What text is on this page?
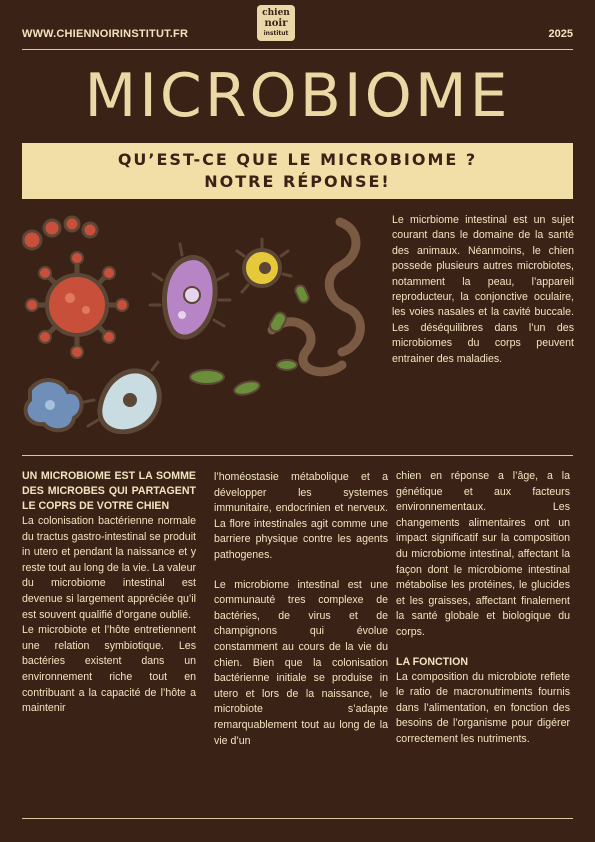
WWW.CHIENNOIRINSTITUT.FR	2025
chien
noir
institut
MICROBIOME
QU’EST-CE QUE LE MICROBIOME ?
NOTRE RÉPONSE!
Le micrbiome intestinal est un sujet courant dans le domaine de la santé des animaux. Néanmoins, le chien possede plusieurs autres microbiotes, notamment la peau, l’appareil reproducteur, la conjonctive oculaire, les voies nasales et la cavité buccale. Les déséquilibres dans l’un des microbiomes du corps peuvent entrainer des maladies.

UN MICROBIOME EST LA SOMME DES MICROBES QUI PARTAGENT LE COPRS DE VOTRE CHIEN

La colonisation bactérienne normale du tractus gastro-intestinal se produit in utero et pendant la naissance et y reste tout au long de la vie. La valeur du microbiome intestinal est devenue si largement appréciée qu’il est souvent qualifié d’organe oublié.

Le microbiote et l’hôte entretiennent une relation symbiotique. Les bactéries existent dans un environnement riche tout en contribuant a la capacité de l’hôte a maintenir

l’homéostasie métabolique et a développer les systemes immunitaire, endocrinien et nerveux. La flore intestinales agit comme une barriere physique contre les agents pathogenes.

Le microbiome intestinal est une communauté tres complexe de bactéries, de virus et de champignons qui évolue constamment au cours de la vie du chien. Bien que la colonisation bactérienne initiale se produise in utero et lors de la naissance, le microbiote s’adapte remarquablement tout au long de la vie d’un

chien en réponse a l’âge, a la génétique et aux facteurs environnementaux. Les changements alimentaires ont un impact significatif sur la composition du microbiome intestinal, affectant la façon dont le microbiome intestinal métabolise les protéines, le glucides et les graisses, affectant finalement la santé globale et biologique du corps.

LA FONCTION

La composition du microbiote reflete le ratio de macronutriments fournis dans l’alimentation, en fonction des besoins de l’organisme pour digérer correctement les nutriments.
